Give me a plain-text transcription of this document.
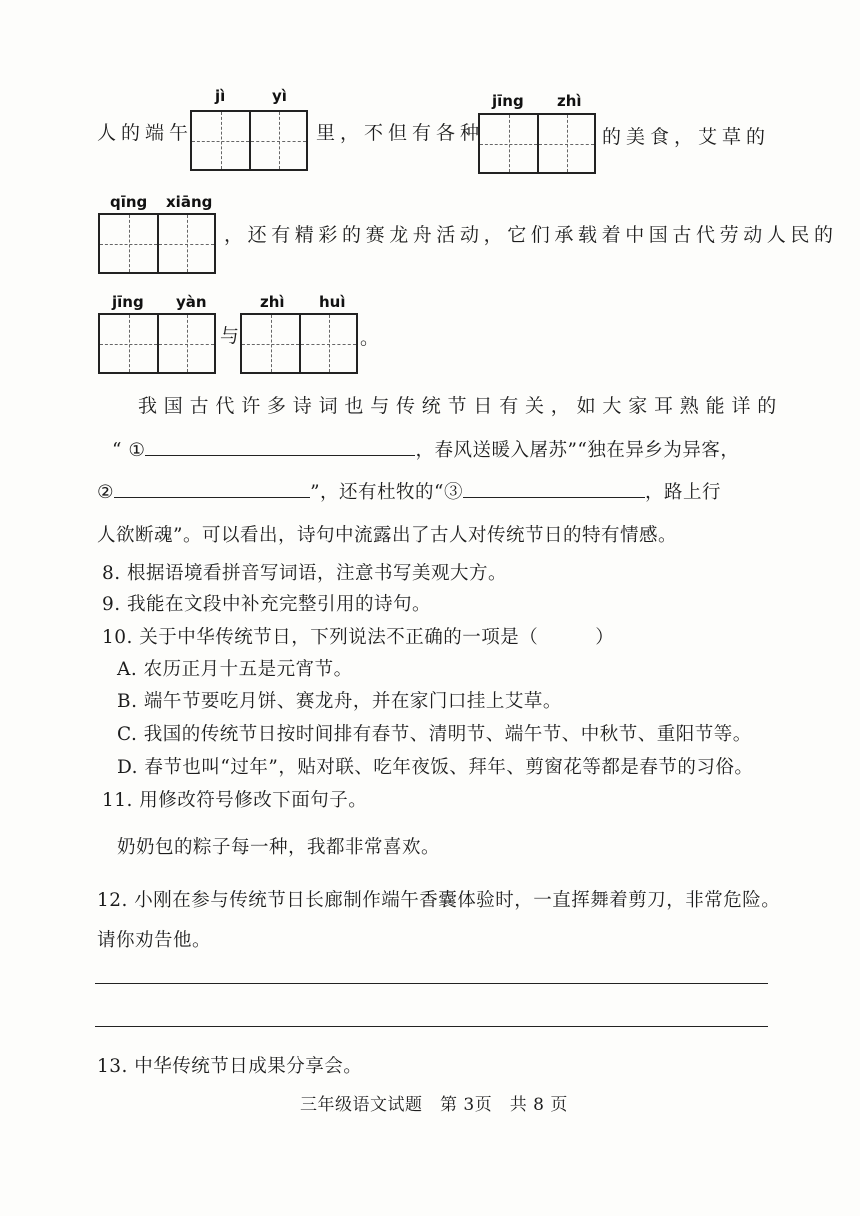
人的端午
jì	yì
里，不但有各种
jīng zhì
的美食，艾草的
qīng xiāng
，还有精彩的赛龙舟活动，它们承载着中国古代劳动人民的
jīng yàn
与
zhì huì
。
我国古代许多诗词也与传统节日有关，如大家耳熟能详的
“ ①	，春风送暖入屠苏”“独在异乡为异客，
②	”，还有杜牧的“③	，路上行
人欲断魂”。可以看出，诗句中流露出了古人对传统节日的特有情感。
8. 根据语境看拼音写词语，注意书写美观大方。
9. 我能在文段中补充完整引用的诗句。
10. 关于中华传统节日，下列说法不正确的一项是（　　　）
A. 农历正月十五是元宵节。
B. 端午节要吃月饼、赛龙舟，并在家门口挂上艾草。
C. 我国的传统节日按时间排有春节、清明节、端午节、中秋节、重阳节等。
D. 春节也叫“过年”，贴对联、吃年夜饭、拜年、剪窗花等都是春节的习俗。
11. 用修改符号修改下面句子。
奶奶包的粽子每一种，我都非常喜欢。
12. 小刚在参与传统节日长廊制作端午香囊体验时，一直挥舞着剪刀，非常危险。
请你劝告他。
13. 中华传统节日成果分享会。
三年级语文试题　第 3页　共 8 页
